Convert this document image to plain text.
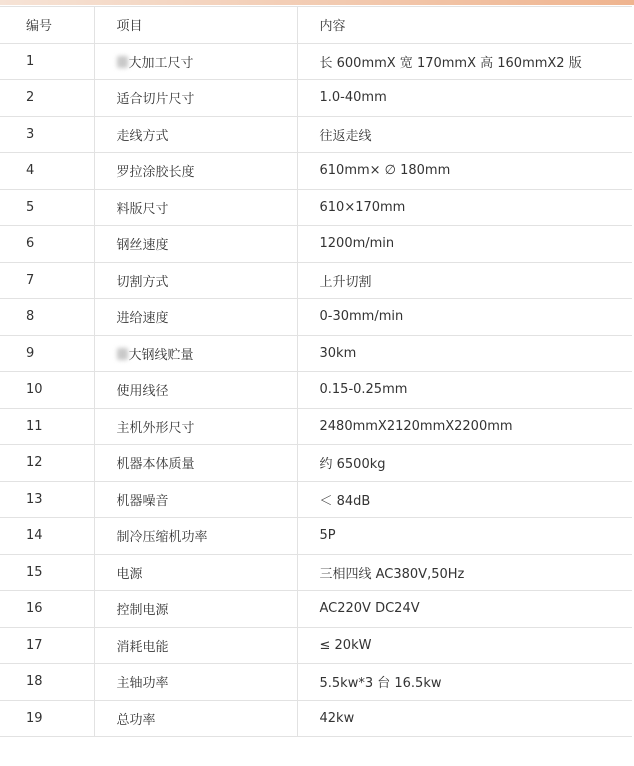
编号	项目	内容
1	大加工尺寸	长 600mmX 宽 170mmX 高 160mmX2 版
2	适合切片尺寸	1.0-40mm
3	走线方式	往返走线
4	罗拉涂胶长度	610mm× ∅ 180mm
5	料版尺寸	610×170mm
6	钢丝速度	1200m/min
7	切割方式	上升切割
8	进给速度	0-30mm/min
9	大钢线贮量	30km
10	使用线径	0.15-0.25mm
11	主机外形尺寸	2480mmX2120mmX2200mm
12	机器本体质量	约 6500kg
13	机器噪音	＜ 84dB
14	制冷压缩机功率	5P
15	电源	三相四线 AC380V,50Hz
16	控制电源	AC220V DC24V
17	消耗电能	≤ 20kW
18	主轴功率	5.5kw*3 台 16.5kw
19	总功率	42kw
